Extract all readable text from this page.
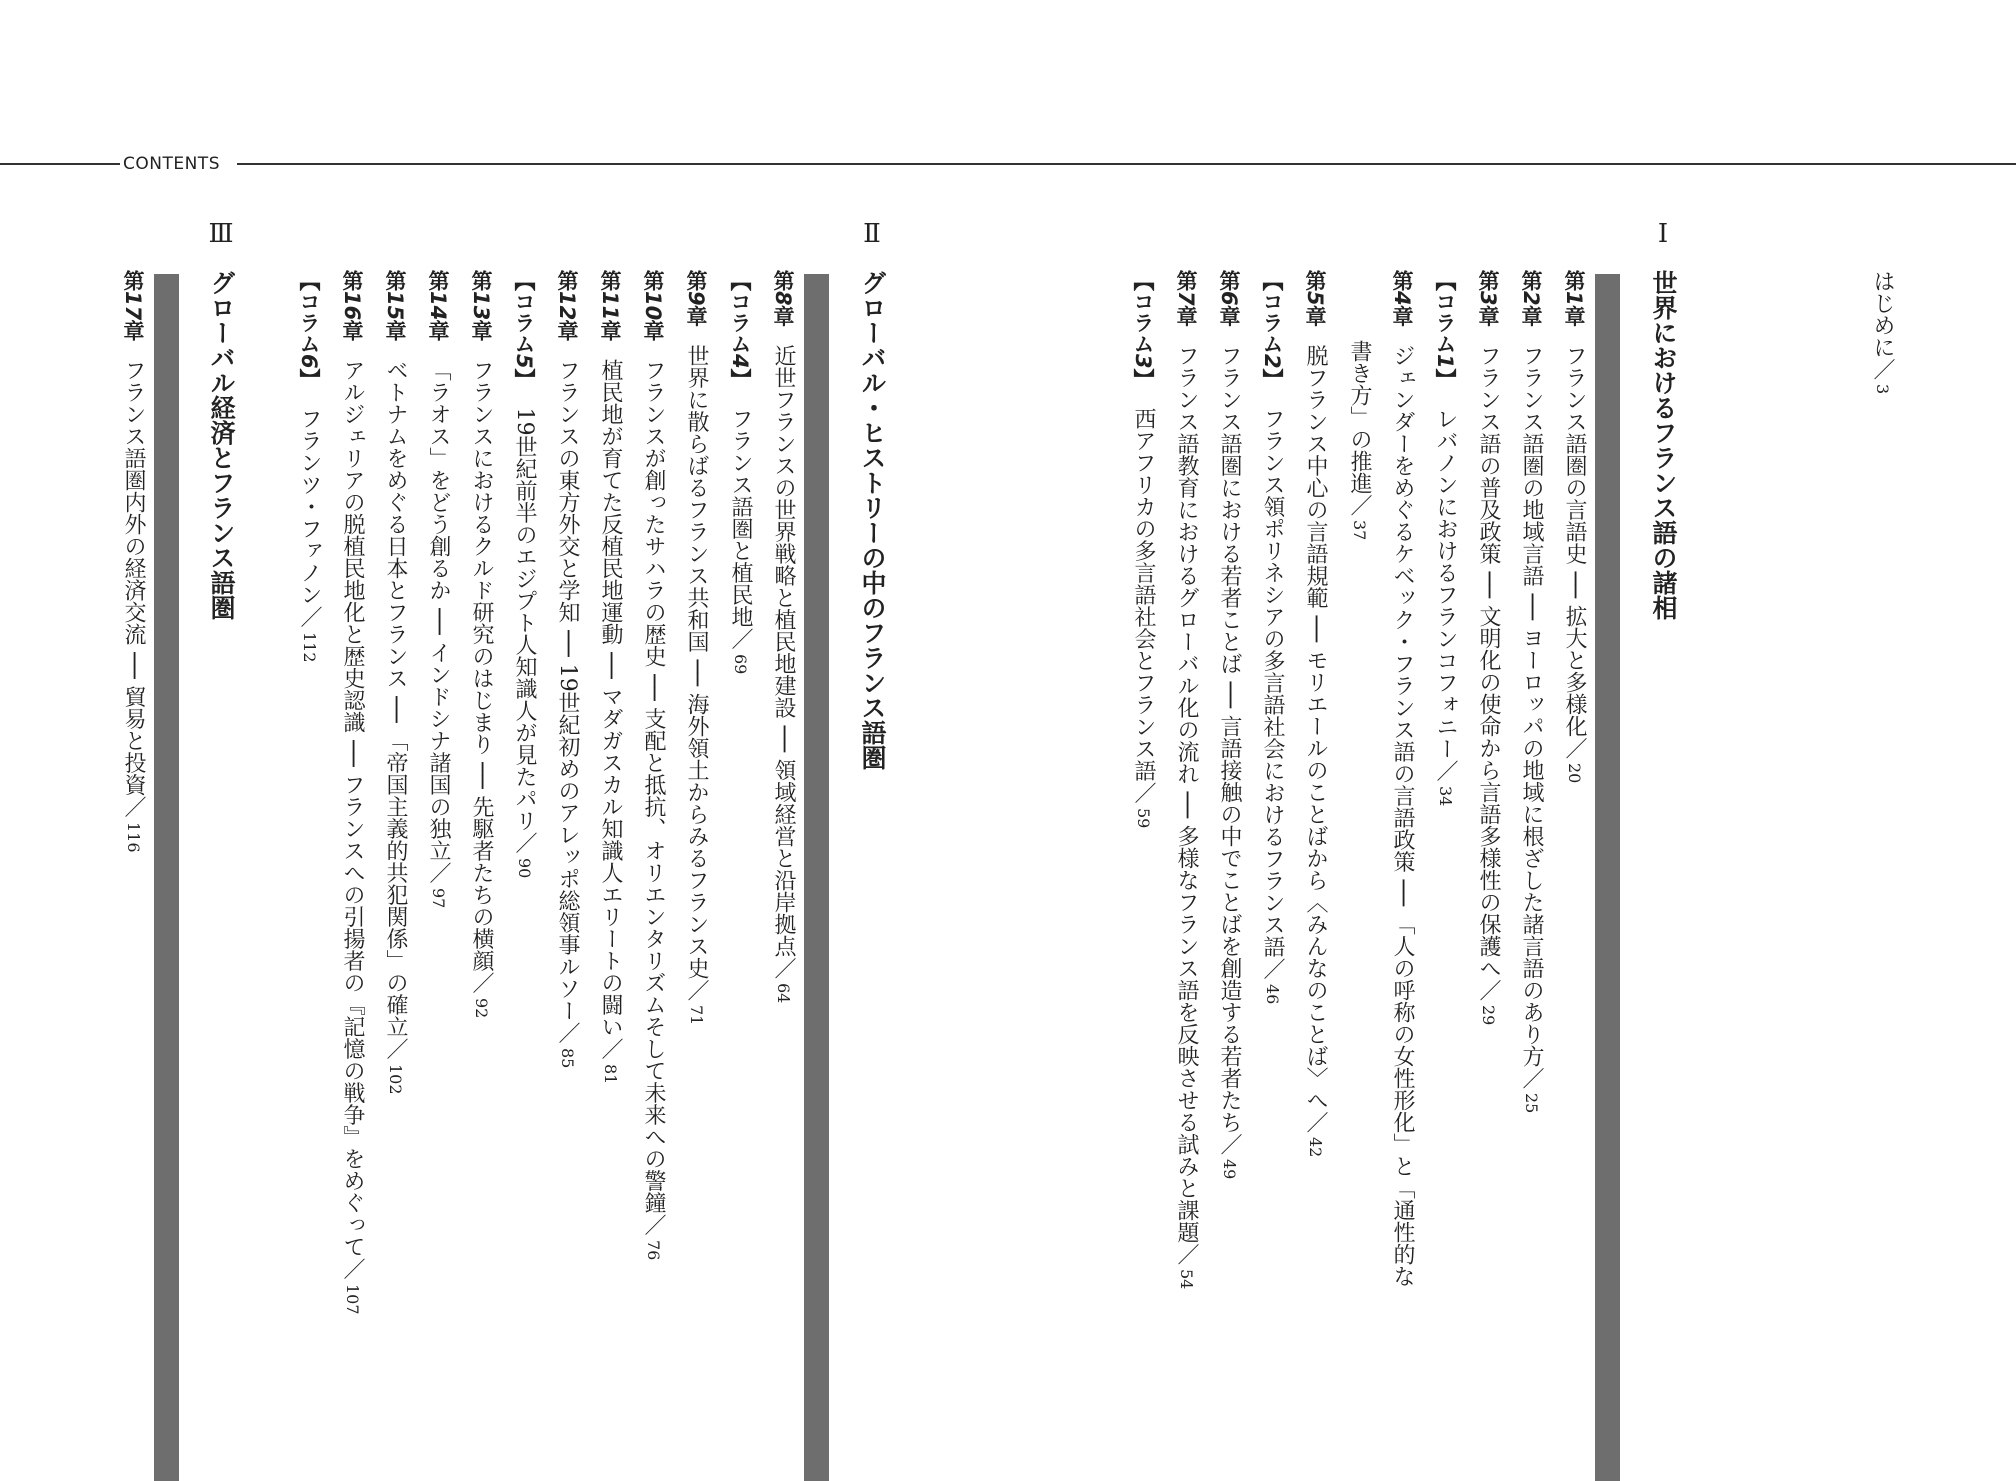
CONTENTS
はじめに／3
Ⅰ
世界におけるフランス語の諸相
第1章フランス語圏の言語史 ── 拡大と多様化／20
第2章フランス語圏の地域言語 ── ヨーロッパの地域に根ざした諸言語のあり方／25
第3章フランス語の普及政策 ── 文明化の使命から言語多様性の保護へ／29
【コラム1】レバノンにおけるフランコフォニー／34
第4章ジェンダーをめぐるケベック・フランス語の言語政策 ── 「人の呼称の女性形化」と「通性的な
書き方」の推進／37
第5章脱フランス中心の言語規範 ── モリエールのことばから〈みんなのことば〉へ／42
【コラム2】フランス領ポリネシアの多言語社会におけるフランス語／46
第6章フランス語圏における若者ことば ── 言語接触の中でことばを創造する若者たち／49
第7章フランス語教育におけるグローバル化の流れ ── 多様なフランス語を反映させる試みと課題／54
【コラム3】西アフリカの多言語社会とフランス語／59
Ⅱ
グローバル・ヒストリーの中のフランス語圏
第8章近世フランスの世界戦略と植民地建設 ── 領域経営と沿岸拠点／64
【コラム4】フランス語圏と植民地／69
第9章世界に散らばるフランス共和国 ── 海外領土からみるフランス史／71
第10章フランスが創ったサハラの歴史 ── 支配と抵抗、オリエンタリズムそして未来への警鐘／76
第11章植民地が育てた反植民地運動 ── マダガスカル知識人エリートの闘い／81
第12章フランスの東方外交と学知 ── 19世紀初めのアレッポ総領事ルソー／85
【コラム5】19世紀前半のエジプト人知識人が見たパリ／90
第13章フランスにおけるクルド研究のはじまり ── 先駆者たちの横顔／92
第14章「ラオス」をどう創るか ── インドシナ諸国の独立／97
第15章ベトナムをめぐる日本とフランス ── 「帝国主義的共犯関係」の確立／102
第16章アルジェリアの脱植民地化と歴史認識 ── フランスへの引揚者の『記憶の戦争』をめぐって／107
【コラム6】フランツ・ファノン／112
Ⅲ
グローバル経済とフランス語圏
第17章フランス語圏内外の経済交流 ── 貿易と投資／116
